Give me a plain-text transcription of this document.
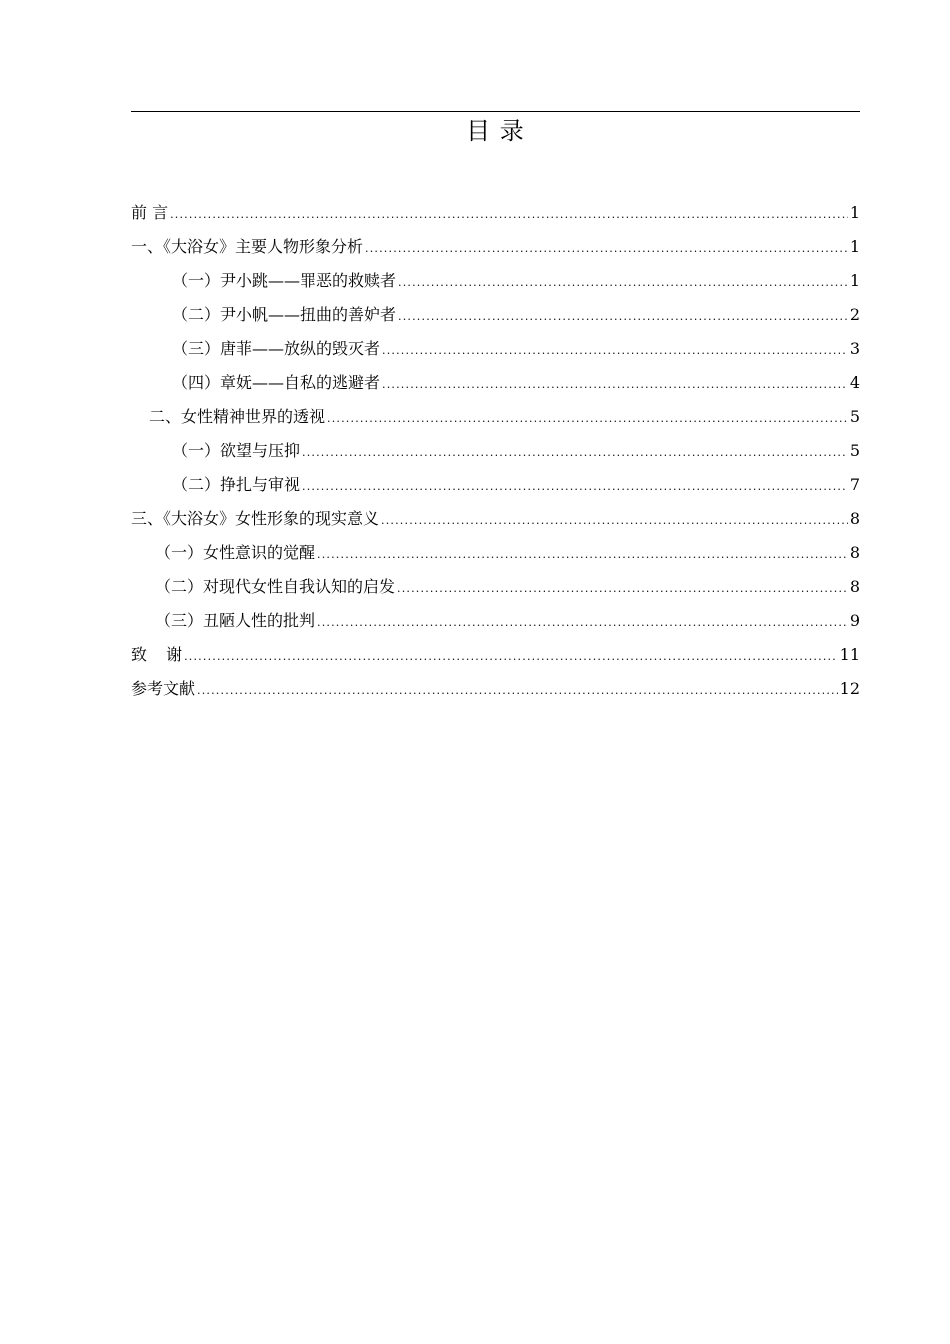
目 录
前 言 .....	1
一、《大浴女》主要人物形象分析 .....	1
（一）尹小跳——罪恶的救赎者 .....	1
（二）尹小帆——扭曲的善妒者 .....	2
（三）唐菲——放纵的毁灭者 .....	3
（四）章妩——自私的逃避者 .....	4
二、女性精神世界的透视 .....	5
（一）欲望与压抑 .....	5
（二）挣扎与审视 .....	7
三、《大浴女》女性形象的现实意义 .....	8
（一）女性意识的觉醒 .....	8
（二）对现代女性自我认知的启发 .....	8
（三）丑陋人性的批判 .....	9
致 谢 .....	11
参考文献 .....	12
